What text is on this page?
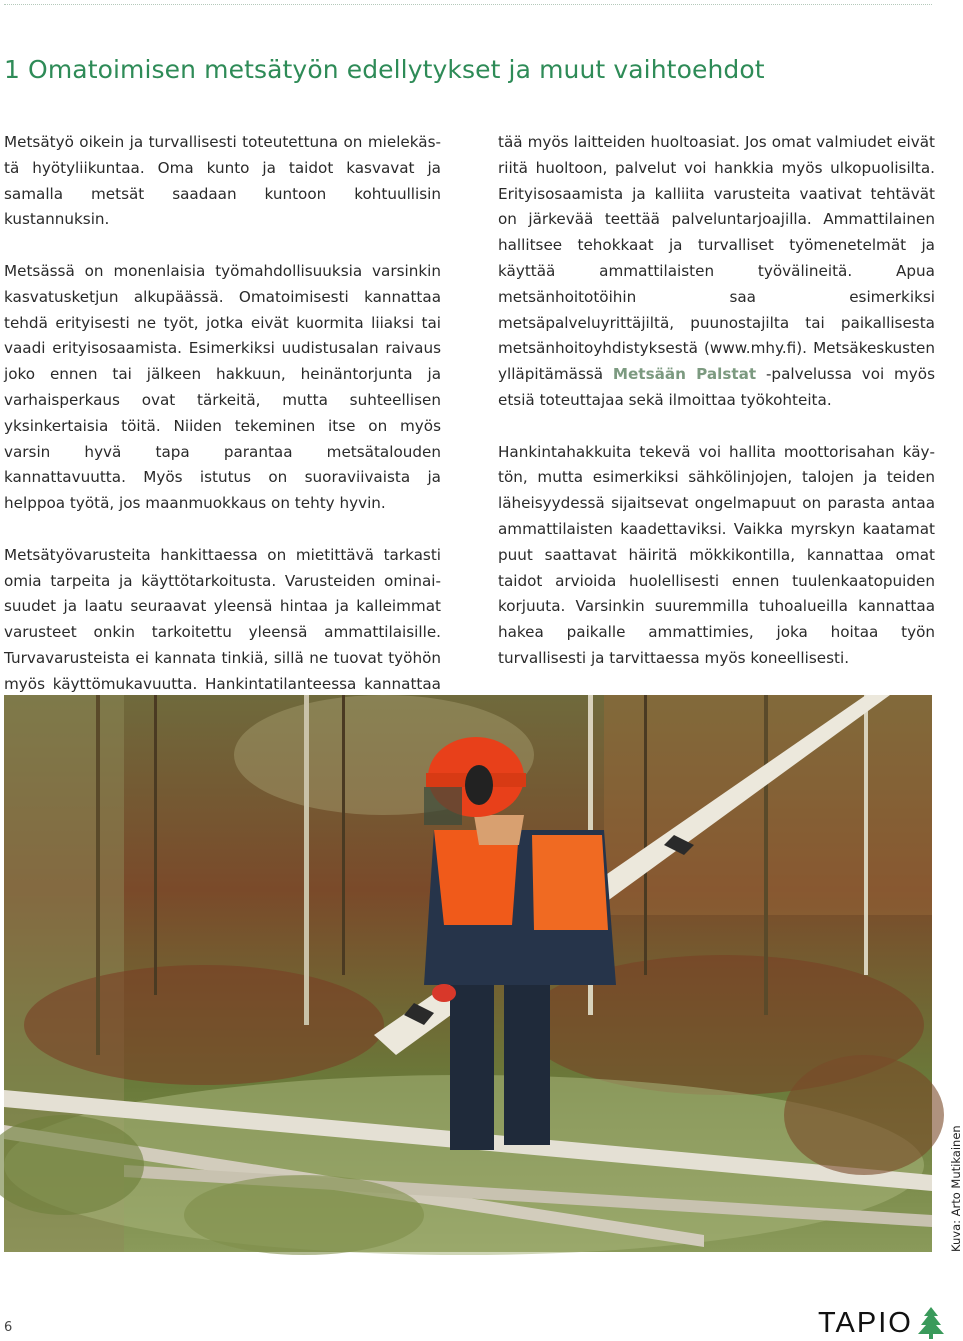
1 Omatoimisen metsätyön edellytykset ja muut vaihtoehdot

Metsätyö oikein ja turvallisesti toteutettuna on mielekästä hyötyliikuntaa. Oma kunto ja taidot kasvavat ja samalla metsät saadaan kuntoon kohtuullisin kustannuksin.

Metsässä on monenlaisia työmahdollisuuksia varsinkin kasvatusketjun alkupäässä. Omatoimisesti kannattaa tehdä erityisesti ne työt, jotka eivät kuormita liiaksi tai vaadi erityisosaamista. Esimerkiksi uudistusalan raivaus joko ennen tai jälkeen hakkuun, heinäntorjunta ja varhaisperkaus ovat tärkeitä, mutta suhteellisen yksinkertaisia töitä. Niiden tekeminen itse on myös varsin hyvä tapa parantaa metsätalouden kannattavuutta. Myös istutus on suoraviivaista ja helppoa työtä, jos maanmuokkaus on tehty hyvin.

Metsätyövarusteita hankittaessa on mietittävä tarkasti omia tarpeita ja käyttötarkoitusta. Varusteiden ominaisuudet ja laatu seuraavat yleensä hintaa ja kalleimmat varusteet onkin tarkoitettu yleensä ammattilaisille. Turvavarusteista ei kannata tinkiä, sillä ne tuovat työhön myös käyttömukavuutta. Hankintatilanteessa kannattaa

tää myös laitteiden huoltoasiat. Jos omat valmiudet eivät riitä huoltoon, palvelut voi hankkia myös ulkopuolisilta. Erityisosaamista ja kalliita varusteita vaativat tehtävät on järkevää teettää palveluntarjoajilla. Ammattilainen hallitsee tehokkaat ja turvalliset työmenetelmät ja käyttää ammattilaisten työvälineitä. Apua metsänhoitotöihin saa esimerkiksi metsäpalveluyrittäjiltä, puunostajilta tai paikallisesta metsänhoitoyhdistyksestä (www.mhy.fi). Metsäkeskusten ylläpitämässä Metsään Palstat -palvelussa voi myös etsiä toteuttajaa sekä ilmoittaa työkohteita.

Hankintahakkuita tekevä voi hallita moottorisahan käytön, mutta esimerkiksi sähkölinjojen, talojen ja teiden läheisyydessä sijaitsevat ongelmapuut on parasta antaa ammattilaisten kaadettaviksi. Vaikka myrskyn kaatamat puut saattavat häiritä mökkikontilla, kannattaa omat taidot arvioida huolellisesti ennen tuulenkaatopuiden korjuuta. Varsinkin suuremmilla tuhoalueilla kannattaa hakea paikalle ammattimies, joka hoitaa työn turvallisesti ja tarvittaessa myös koneellisesti.

Kuva: Arto Mutikainen
6	TAPIO
